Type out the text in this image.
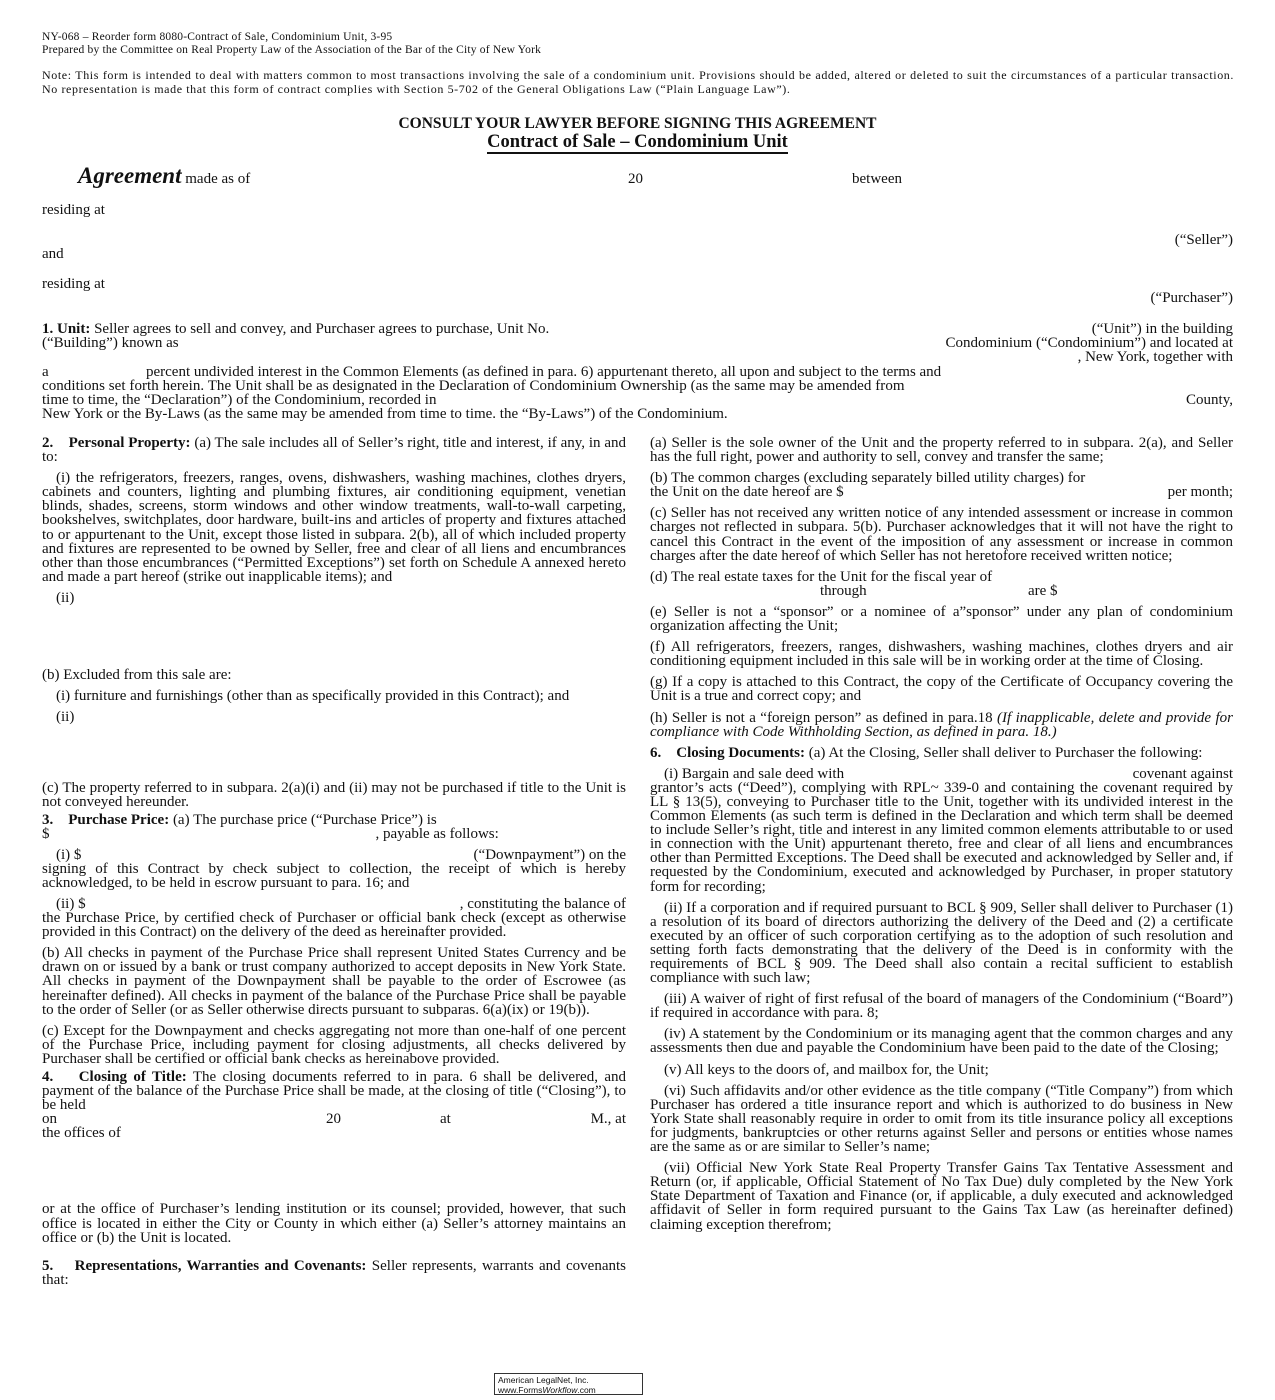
NY-068 – Reorder form 8080-Contract of Sale, Condominium Unit, 3-95
Prepared by the Committee on Real Property Law of the Association of the Bar of the City of New York
Note: This form is intended to deal with matters common to most transactions involving the sale of a condominium unit. Provisions should be added, altered or deleted to suit the circumstances of a particular transaction. No representation is made that this form of contract complies with Section 5-702 of the General Obligations Law (“Plain Language Law”).
CONSULT YOUR LAWYER BEFORE SIGNING THIS AGREEMENT
Contract of Sale – Condominium Unit
Agreement made as of	20	between
residing at
(“Seller”)
and
residing at
(“Purchaser”)
1. Unit: Seller agrees to sell and convey, and Purchaser agrees to purchase, Unit No.	(“Unit”) in the building
(“Building”) known as	Condominium (“Condominium”) and located at
, New York, together with
a	percent undivided interest in the Common Elements (as defined in para. 6) appurtenant thereto, all upon and subject to the terms and
conditions set forth herein. The Unit shall be as designated in the Declaration of Condominium Ownership (as the same may be amended from
time to time, the “Declaration”) of the Condominium, recorded in	County,
New York or the By-Laws (as the same may be amended from time to time. the “By-Laws”) of the Condominium.

2. Personal Property: (a) The sale includes all of Seller’s right, title and interest, if any, in and to:

(i) the refrigerators, freezers, ranges, ovens, dishwashers, washing machines, clothes dryers, cabinets and counters, lighting and plumbing fixtures, air conditioning equipment, venetian blinds, shades, screens, storm windows and other window treatments, wall-to-wall carpeting, bookshelves, switchplates, door hardware, built-ins and articles of property and fixtures attached to or appurtenant to the Unit, except those listed in subpara. 2(b), all of which included property and fixtures are represented to be owned by Seller, free and clear of all liens and encumbrances other than those encumbrances (“Permitted Exceptions”) set forth on Schedule A annexed hereto and made a part hereof (strike out inapplicable items); and

(ii)

(b) Excluded from this sale are:

(i) furniture and furnishings (other than as specifically provided in this Contract); and

(ii)

(c) The property referred to in subpara. 2(a)(i) and (ii) may not be purchased if title to the Unit is not conveyed hereunder.

3. Purchase Price: (a) The purchase price (“Purchase Price”) is
$	, payable as follows:

(i) $	(“Downpayment”) on the
signing of this Contract by check subject to collection, the receipt of which is hereby acknowledged, to be held in escrow pursuant to para. 16; and

(ii) $	, constituting the balance of
the Purchase Price, by certified check of Purchaser or official bank check (except as otherwise provided in this Contract) on the delivery of the deed as hereinafter provided.

(b) All checks in payment of the Purchase Price shall represent United States Currency and be drawn on or issued by a bank or trust company authorized to accept deposits in New York State. All checks in payment of the Downpayment shall be payable to the order of Escrowee (as hereinafter defined). All checks in payment of the balance of the Purchase Price shall be payable to the order of Seller (or as Seller otherwise directs pursuant to subparas. 6(a)(ix) or 19(b)).

(c) Except for the Downpayment and checks aggregating not more than one-half of one percent of the Purchase Price, including payment for closing adjustments, all checks delivered by Purchaser shall be certified or official bank checks as hereinabove provided.

4. Closing of Title: The closing documents referred to in para. 6 shall be delivered, and payment of the balance of the Purchase Price shall be made, at the closing of title (“Closing”), to be held

on	20	at	M., at

the offices of

or at the office of Purchaser’s lending institution or its counsel; provided, however, that such office is located in either the City or County in which either (a) Seller’s attorney maintains an office or (b) the Unit is located.

5. Representations, Warranties and Covenants: Seller represents, warrants and covenants that:

(a) Seller is the sole owner of the Unit and the property referred to in subpara. 2(a), and Seller has the full right, power and authority to sell, convey and transfer the same;

(b) The common charges (excluding separately billed utility charges) for
the Unit on the date hereof are $	per month;

(c) Seller has not received any written notice of any intended assessment or increase in common charges not reflected in subpara. 5(b). Purchaser acknowledges that it will not have the right to cancel this Contract in the event of the imposition of any assessment or increase in common charges after the date hereof of which Seller has not heretofore received written notice;

(d) The real estate taxes for the Unit for the fiscal year of
through	are $

(e) Seller is not a “sponsor” or a nominee of a”sponsor” under any plan of condominium organization affecting the Unit;

(f) All refrigerators, freezers, ranges, dishwashers, washing machines, clothes dryers and air conditioning equipment included in this sale will be in working order at the time of Closing.

(g) If a copy is attached to this Contract, the copy of the Certificate of Occupancy covering the Unit is a true and correct copy; and

(h) Seller is not a “foreign person” as defined in para.18 (If inapplicable, delete and provide for compliance with Code Withholding Section, as defined in para. 18.)

6. Closing Documents: (a) At the Closing, Seller shall deliver to Purchaser the following:

(i) Bargain and sale deed with	covenant against
grantor’s acts (“Deed”), complying with RPL~ 339-0 and containing the covenant required by LL § 13(5), conveying to Purchaser title to the Unit, together with its undivided interest in the Common Elements (as such term is defined in the Declaration and which term shall be deemed to include Seller’s right, title and interest in any limited common elements attributable to or used in connection with the Unit) appurtenant thereto, free and clear of all liens and encumbrances other than Permitted Exceptions. The Deed shall be executed and acknowledged by Seller and, if requested by the Condominium, executed and acknowledged by Purchaser, in proper statutory form for recording;

(ii) If a corporation and if required pursuant to BCL § 909, Seller shall deliver to Purchaser (1) a resolution of its board of directors authorizing the delivery of the Deed and (2) a certificate executed by an officer of such corporation certifying as to the adoption of such resolution and setting forth facts demonstrating that the delivery of the Deed is in conformity with the requirements of BCL § 909. The Deed shall also contain a recital sufficient to establish compliance with such law;

(iii) A waiver of right of first refusal of the board of managers of the Condominium (“Board”) if required in accordance with para. 8;

(iv) A statement by the Condominium or its managing agent that the common charges and any assessments then due and payable the Condominium have been paid to the date of the Closing;

(v) All keys to the doors of, and mailbox for, the Unit;

(vi) Such affidavits and/or other evidence as the title company (“Title Company”) from which Purchaser has ordered a title insurance report and which is authorized to do business in New York State shall reasonably require in order to omit from its title insurance policy all exceptions for judgments, bankruptcies or other returns against Seller and persons or entities whose names are the same as or are similar to Seller’s name;

(vii) Official New York State Real Property Transfer Gains Tax Tentative Assessment and Return (or, if applicable, Official Statement of No Tax Due) duly completed by the New York State Department of Taxation and Finance (or, if applicable, a duly executed and acknowledged affidavit of Seller in form required pursuant to the Gains Tax Law (as hereinafter defined) claiming exception therefrom;

American LegalNet, Inc.
www.FormsWorkflow.com
